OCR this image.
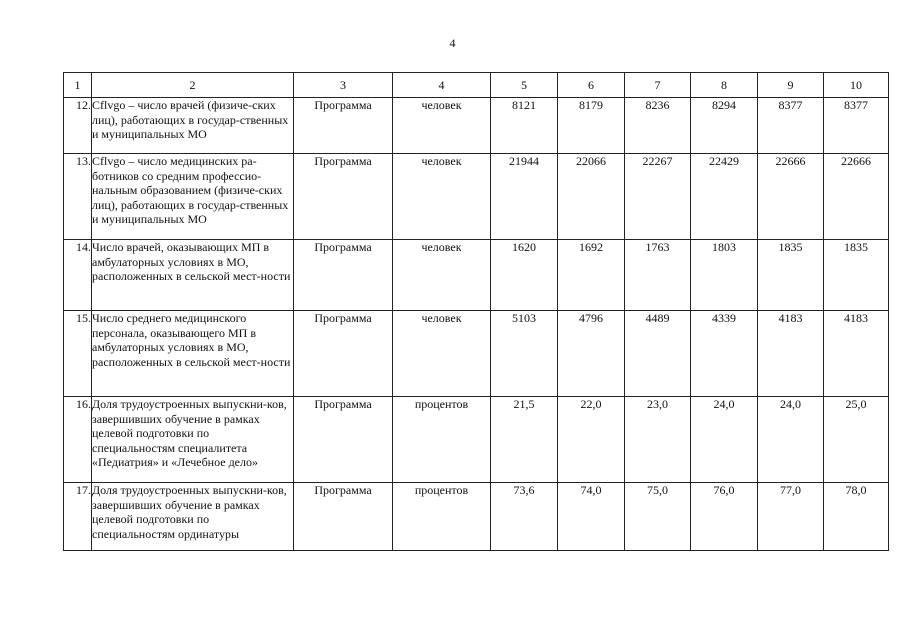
4
1	2	3	4	5	6	7	8	9	10
12.	Cflvgo – число врачей (физиче-ских лиц), работающих в государ-ственных и муниципальных МО	Программа	человек	8121	8179	8236	8294	8377	8377
13.	Cflvgo – число медицинских ра-ботников со средним профессио-нальным образованием (физиче-ских лиц), работающих в государ-ственных и муниципальных МО	Программа	человек	21944	22066	22267	22429	22666	22666
14.	Число врачей, оказывающих МП в амбулаторных условиях в МО, расположенных в сельской мест-ности	Программа	человек	1620	1692	1763	1803	1835	1835
15.	Число среднего медицинского персонала, оказывающего МП в амбулаторных условиях в МО, расположенных в сельской мест-ности	Программа	человек	5103	4796	4489	4339	4183	4183
16.	Доля трудоустроенных выпускни-ков, завершивших обучение в рамках целевой подготовки по специальностям специалитета «Педиатрия» и «Лечебное дело»	Программа	процентов	21,5	22,0	23,0	24,0	24,0	25,0
17.	Доля трудоустроенных выпускни-ков, завершивших обучение в рамках целевой подготовки по специальностям ординатуры	Программа	процентов	73,6	74,0	75,0	76,0	77,0	78,0
